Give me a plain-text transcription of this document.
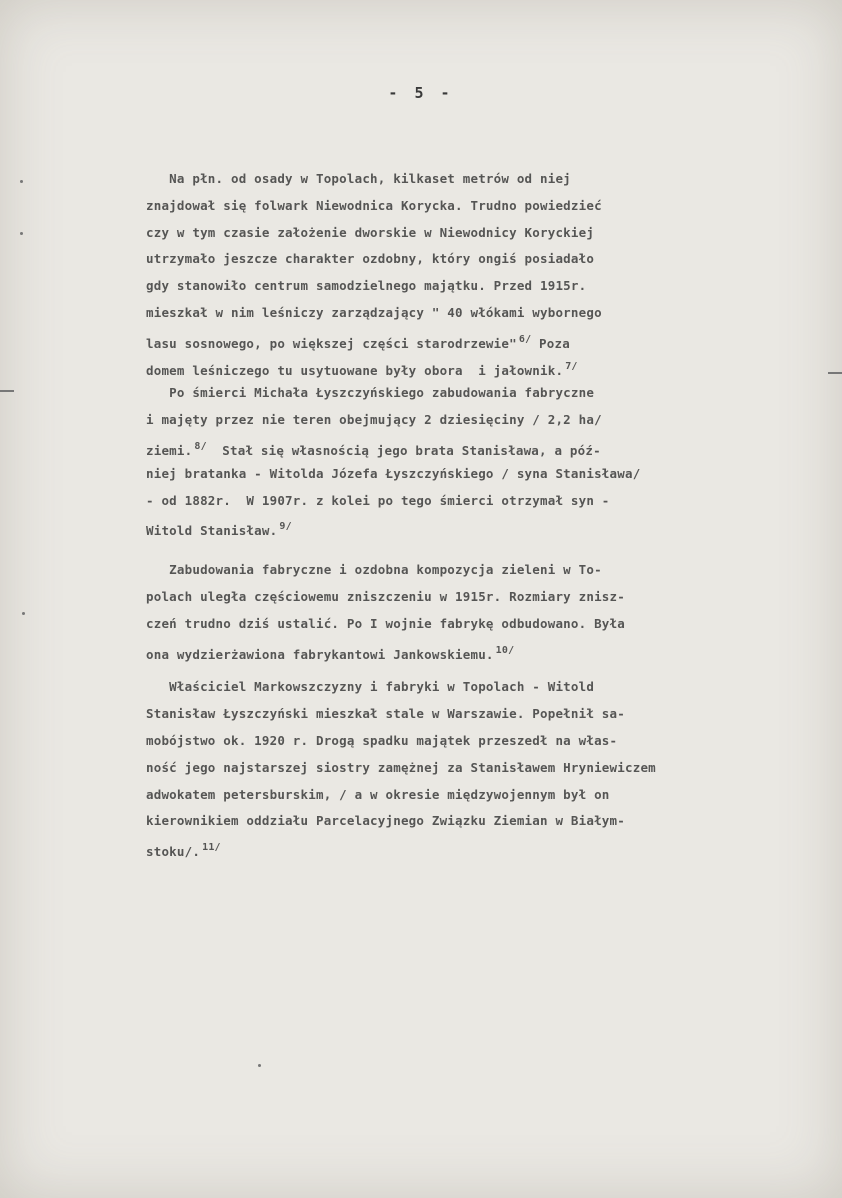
- 5 -
Na płn. od osady w Topolach, kilkaset metrów od niej
znajdował się folwark Niewodnica Korycka. Trudno powiedzieć
czy w tym czasie założenie dworskie w Niewodnicy Koryckiej
utrzymało jeszcze charakter ozdobny, który ongiś posiadało
gdy stanowiło centrum samodzielnego majątku. Przed 1915r.
mieszkał w nim leśniczy zarządzający " 40 włókami wybornego
lasu sosnowego, po większej części starodrzewie" $^{6/}$ Poza
domem leśniczego tu usytuowane były obora  i jałownik. $^{7/}$
Po śmierci Michała Łyszczyńskiego zabudowania fabryczne
i majęty przez nie teren obejmujący 2 dziesięciny / 2,2 ha/
ziemi. $^{8/}$ Stał się własnością jego brata Stanisława, a póź-
niej bratanka - Witolda Józefa Łyszczyńskiego / syna Stanisława/
- od 1882r.  W 1907r. z kolei po tego śmierci otrzymał syn -
Witold Stanisław. $^{9/}$
Zabudowania fabryczne i ozdobna kompozycja zieleni w To-
polach uległa częściowemu zniszczeniu w 1915r. Rozmiary znisz-
czeń trudno dziś ustalić. Po I wojnie fabrykę odbudowano. Była
ona wydzierżawiona fabrykantowi Jankowskiemu. $^{10/}$
Właściciel Markowszczyzny i fabryki w Topolach - Witold
Stanisław Łyszczyński mieszkał stale w Warszawie. Popełnił sa-
mobójstwo ok. 1920 r. Drogą spadku majątek przeszedł na włas-
ność jego najstarszej siostry zamężnej za Stanisławem Hryniewiczem
adwokatem petersburskim, / a w okresie międzywojennym był on
kierownikiem oddziału Parcelacyjnego Związku Ziemian w Białym-
stoku/. $^{11/}$
